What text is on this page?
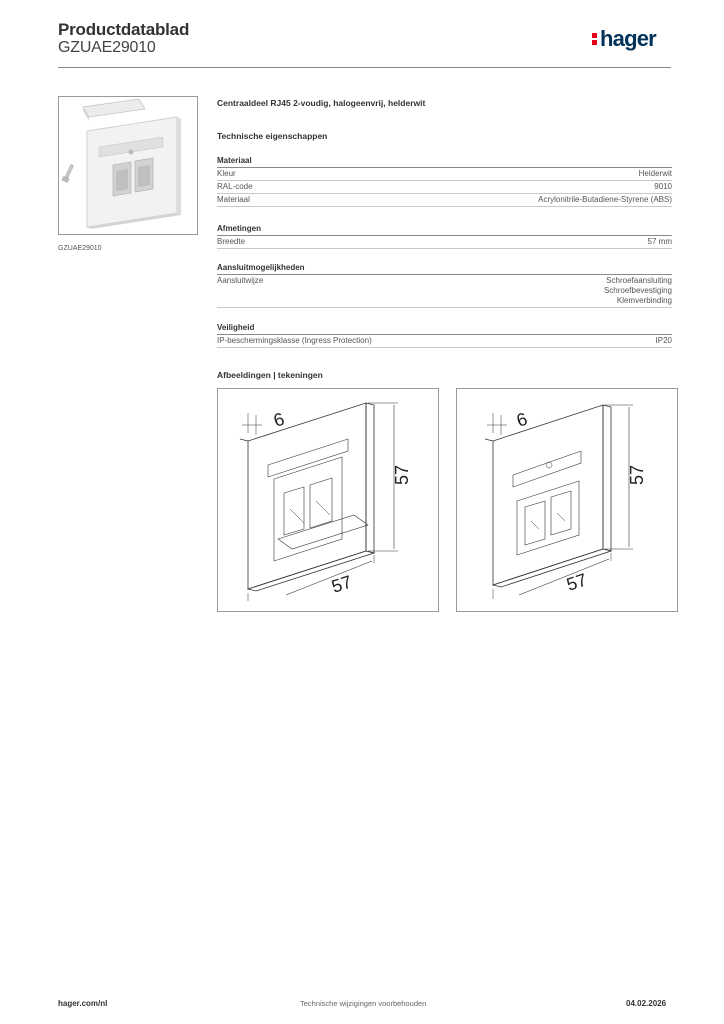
Productdatablad
GZUAE29010	hager
GZUAE29010
Centraaldeel RJ45 2-voudig, halogeenvrij, helderwit
Technische eigenschappen
Materiaal
Kleur	Helderwit
RAL-code	9010
Materiaal	Acrylonitrile-Butadiene-Styrene (ABS)
Afmetingen
Breedte	57 mm
Aansluitmogelijkheden
Aansluitwijze	Schroefaansluiting
Schroefbevestiging
Klemverbinding
Veiligheid
IP-beschermingsklasse (Ingress Protection)	IP20
Afbeeldingen | tekeningen
6
57
57
6
57
57
hager.com/nl	Technische wijzigingen voorbehouden	04.02.2026
